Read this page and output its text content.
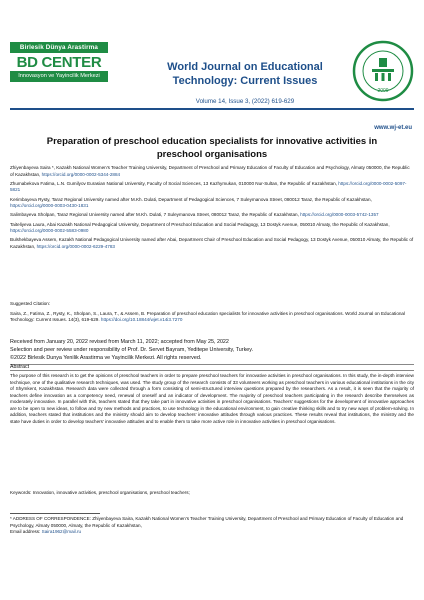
Birlesik Dünya Arastirma
BD CENTER
Innovasyon ve Yayincilik Merkezi
World Journal on Educational Technology: Current Issues
Volume 14, Issue 3, (2022) 619-629
2009
www.wj-et.eu
Preparation of preschool education specialists for innovative activities in preschool organisations

Zhiyenbayeva Saira *, Kazakh National Women's Teacher Training University, Department of Preschool and Primary Education of Faculty of Education and Psychology, Almaty 050000, the Republic of Kazakhstan, https://orcid.org/0000-0002-5344-2884

Zhumabekova Fatima, L.N. Gumilyov Eurasian National University, Faculty of Social Sciences, 13 Kazhymukan, 010000 Nur-Sultan, the Republic of Kazakhstan, https://orcid.org/0000-0002-5097-5821

Kerimbayeva Rysty, Taraz Regional University named after M.Kh. Dulati, Department of Pedagogical Sciences, 7 Suleymanova Street, 080012 Taraz, the Republic of Kazakhstan, https://orcid.org/0000-0003-0430-1831

Salimbayeva Sholpan, Taraz Regional University named after M.Kh. Dulati, 7 Suleymanova Street, 080012 Taraz, the Republic of Kazakhstan, https://orcid.org/0000-0003-5742-1357

Taiteliyeva Laura, Abai Kazakh National Pedagogical University, Department of Preschool Education and Social Pedagogy, 13 Dostyk Avenue, 050010 Almaty, the Republic of Kazakhstan, https://orcid.org/0000-0002-5583-0980

Bulshekbayeva Assem, Kazakh National Pedagogical University named after Abai, Department Chair of Preschool Education and Social Pedagogy, 13 Dostyk Avenue, 050010 Almaty, the Republic of Kazakhstan, https://orcid.org/0000-0002-6229-4783

Suggested Citation:

Saira, Z., Fatima, Z., Rysty, K., Sholpan, S., Laura, T., & Assem, B. Preparation of preschool education specialists for innovative activities in preschool organisations. World Journal on Educational Technology: Current Issues. 14(3), 619-629. https://doi.org/10.18844/wjet.v14i3.7270

Received from January 20, 2022 revised from March 11, 2022; accepted from May 25, 2022

Selection and peer review under responsibility of Prof. Dr. Servet Bayram, Yeditepe University, Turkey.

©2022 Birlesik Dunya Yenilik Arastirma ve Yayincilik Merkezi. All rights reserved.

Abstract
The purpose of this research is to get the opinions of preschool teachers in order to prepare preschool teachers for innovative activities in preschool organisations. In this study, the in-depth interview technique, one of the qualitative research techniques, was used. The study group of the research consists of 33 volunteers working as preschool teachers in various educational institutions in the city of Shymkent, Kazakhstan. Research data were collected through a form consisting of semi-structured interview questions prepared by the researchers. As a result, it is seen that the majority of teachers define innovation as a competency need, renewal of oneself and an indicator of development. The majority of preschool teachers participating in the research describe themselves as moderately innovative. In parallel with this, teachers stated that they take part in innovative activities in preschool organisations. Teachers' suggestions for the development of innovative approaches are to be open to new ideas, to follow and try new methods and practices, to use technology in the educational environment, to gain creative thinking skills and to try new ways of problem-solving. In addition, teachers stated that institutions and the ministry should aim to develop teachers' innovative attitudes through various practices. These results reveal that institutions, the ministry and the state have duties in order to develop teachers' innovative attitudes and to enable them to take more active role in innovative activities in preschool organisations.
Keywords: Innovation, innovative activities, preschool organisations, preschool teachers;

* ADDRESS OF CORRESPONDENCE: Zhiyenbayeva Saira, Kazakh National Women's Teacher Training University, Department of Preschool and Primary Education of Faculty of Education and Psychology, Almaty 050000, Almaty, the Republic of Kazakhstan,

Email address: Saira1962@mail.ru
